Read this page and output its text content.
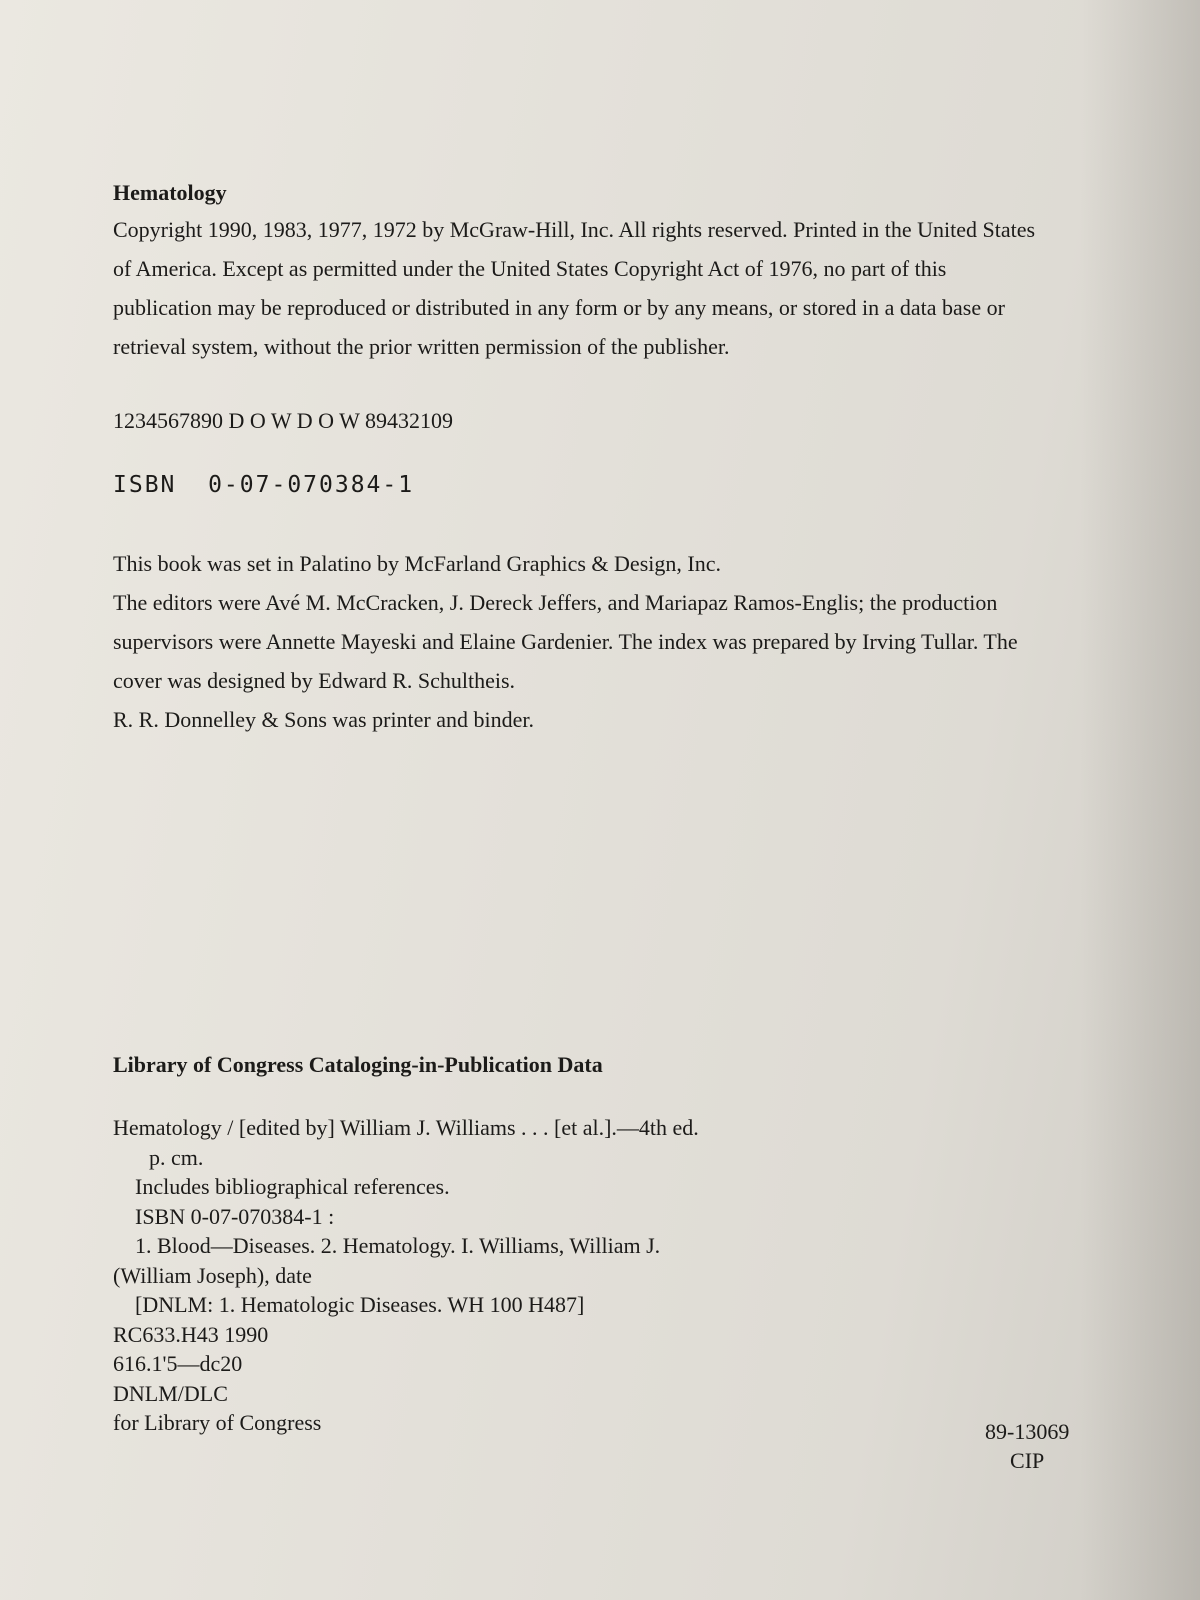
Hematology

Copyright 1990, 1983, 1977, 1972 by McGraw-Hill, Inc. All rights reserved. Printed in the United States of America. Except as permitted under the United States Copyright Act of 1976, no part of this publication may be reproduced or distributed in any form or by any means, or stored in a data base or retrieval system, without the prior written permission of the publisher.

1234567890 D O W D O W 89432109
ISBN  0-07-070384-1

This book was set in Palatino by McFarland Graphics & Design, Inc.

The editors were Avé M. McCracken, J. Dereck Jeffers, and Mariapaz Ramos-Englis; the production supervisors were Annette Mayeski and Elaine Gardenier. The index was prepared by Irving Tullar. The cover was designed by Edward R. Schultheis.

R. R. Donnelley & Sons was printer and binder.

Library of Congress Cataloging-in-Publication Data
Hematology / [edited by] William J. Williams . . . [et al.].—4th ed.
p. cm.
Includes bibliographical references.
ISBN 0-07-070384-1 :
1. Blood—Diseases. 2. Hematology. I. Williams, William J.
(William Joseph), date
[DNLM: 1. Hematologic Diseases. WH 100 H487]
RC633.H43 1990
616.1'5—dc20
DNLM/DLC
for Library of Congress	89-13069
CIP
